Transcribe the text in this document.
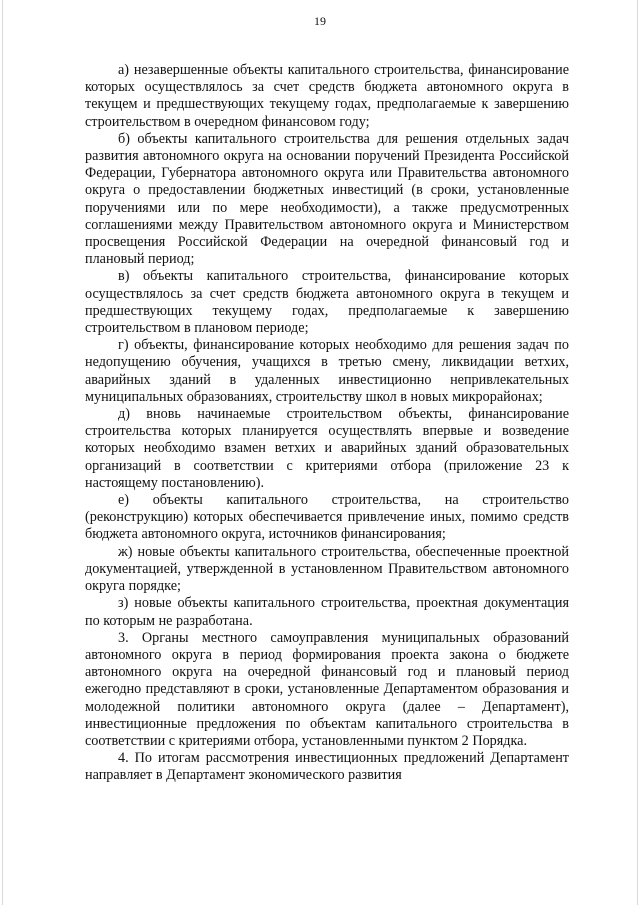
19

а) незавершенные объекты капитального строительства, финансирование которых осуществлялось за счет средств бюджета автономного округа в текущем и предшествующих текущему годах, предполагаемые к завершению строительством в очередном финансовом году;

б) объекты капитального строительства для решения отдельных задач развития автономного округа на основании поручений Президента Российской Федерации, Губернатора автономного округа или Правительства автономного округа о предоставлении бюджетных инвестиций (в сроки, установленные поручениями или по мере необходимости), а также предусмотренных соглашениями между Правительством автономного округа и Министерством просвещения Российской Федерации на очередной финансовый год и плановый период;

в) объекты капитального строительства, финансирование которых осуществлялось за счет средств бюджета автономного округа в текущем и предшествующих текущему годах, предполагаемые к завершению строительством в плановом периоде;

г) объекты, финансирование которых необходимо для решения задач по недопущению обучения, учащихся в третью смену, ликвидации ветхих, аварийных зданий в удаленных инвестиционно непривлекательных муниципальных образованиях, строительству школ в новых микрорайонах;

д) вновь начинаемые строительством объекты, финансирование строительства которых планируется осуществлять впервые и возведение которых необходимо взамен ветхих и аварийных зданий образовательных организаций в соответствии с критериями отбора (приложение 23 к настоящему постановлению).

е) объекты капитального строительства, на строительство (реконструкцию) которых обеспечивается привлечение иных, помимо средств бюджета автономного округа, источников финансирования;

ж) новые объекты капитального строительства, обеспеченные проектной документацией, утвержденной в установленном Правительством автономного округа порядке;

з) новые объекты капитального строительства, проектная документация по которым не разработана.

3. Органы местного самоуправления муниципальных образований автономного округа в период формирования проекта закона о бюджете автономного округа на очередной финансовый год и плановый период ежегодно представляют в сроки, установленные Департаментом образования и молодежной политики автономного округа (далее – Департамент), инвестиционные предложения по объектам капитального строительства в соответствии с критериями отбора, установленными пунктом 2 Порядка.

4. По итогам рассмотрения инвестиционных предложений Департамент направляет в Департамент экономического развития
